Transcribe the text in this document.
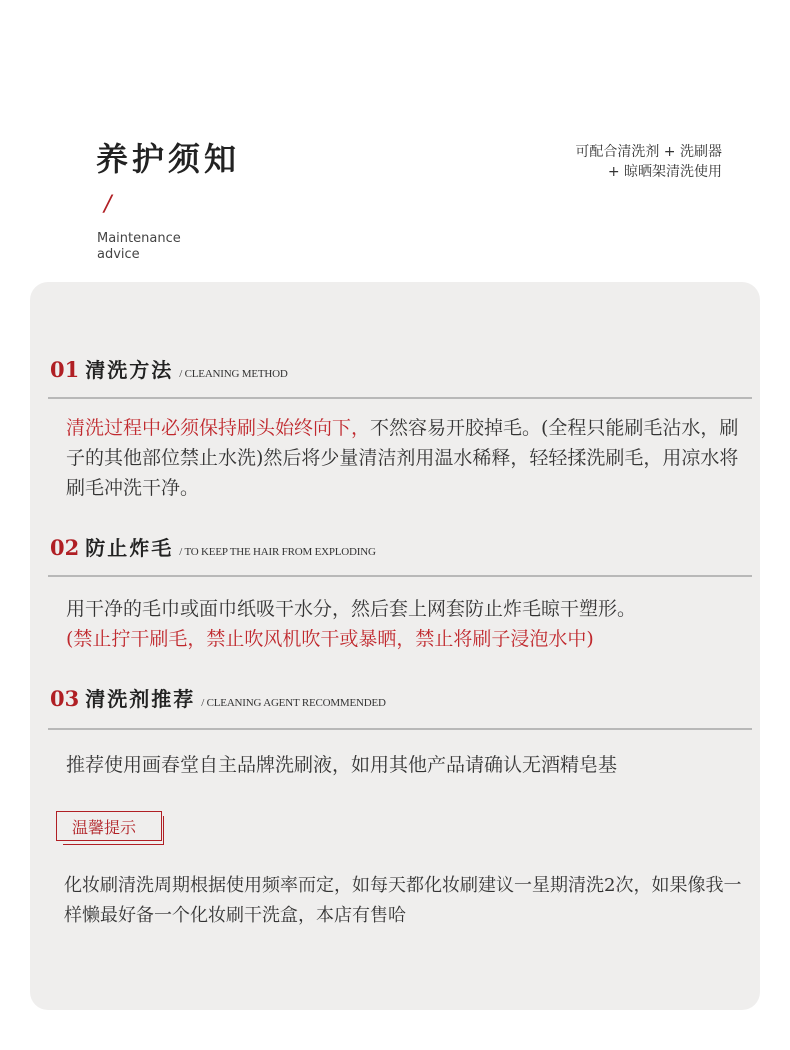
养护须知
/
Maintenance advice
可配合清洗剂 + 洗刷器
+ 晾晒架清洗使用
01 清洗方法 / CLEANING METHOD
清洗过程中必须保持刷头始终向下，不然容易开胶掉毛。(全程只能刷毛沾水，刷子的其他部位禁止水洗)然后将少量清洁剂用温水稀释，轻轻揉洗刷毛，用凉水将刷毛冲洗干净。
02 防止炸毛 / TO KEEP THE HAIR FROM EXPLODING
用干净的毛巾或面巾纸吸干水分，然后套上网套防止炸毛晾干塑形。
(禁止拧干刷毛，禁止吹风机吹干或暴晒，禁止将刷子浸泡水中)
03 清洗剂推荐 / CLEANING AGENT RECOMMENDED
推荐使用画春堂自主品牌洗刷液，如用其他产品请确认无酒精皂基
温馨提示
化妆刷清洗周期根据使用频率而定，如每天都化妆刷建议一星期清洗2次，如果像我一样懒最好备一个化妆刷干洗盒，本店有售哈
